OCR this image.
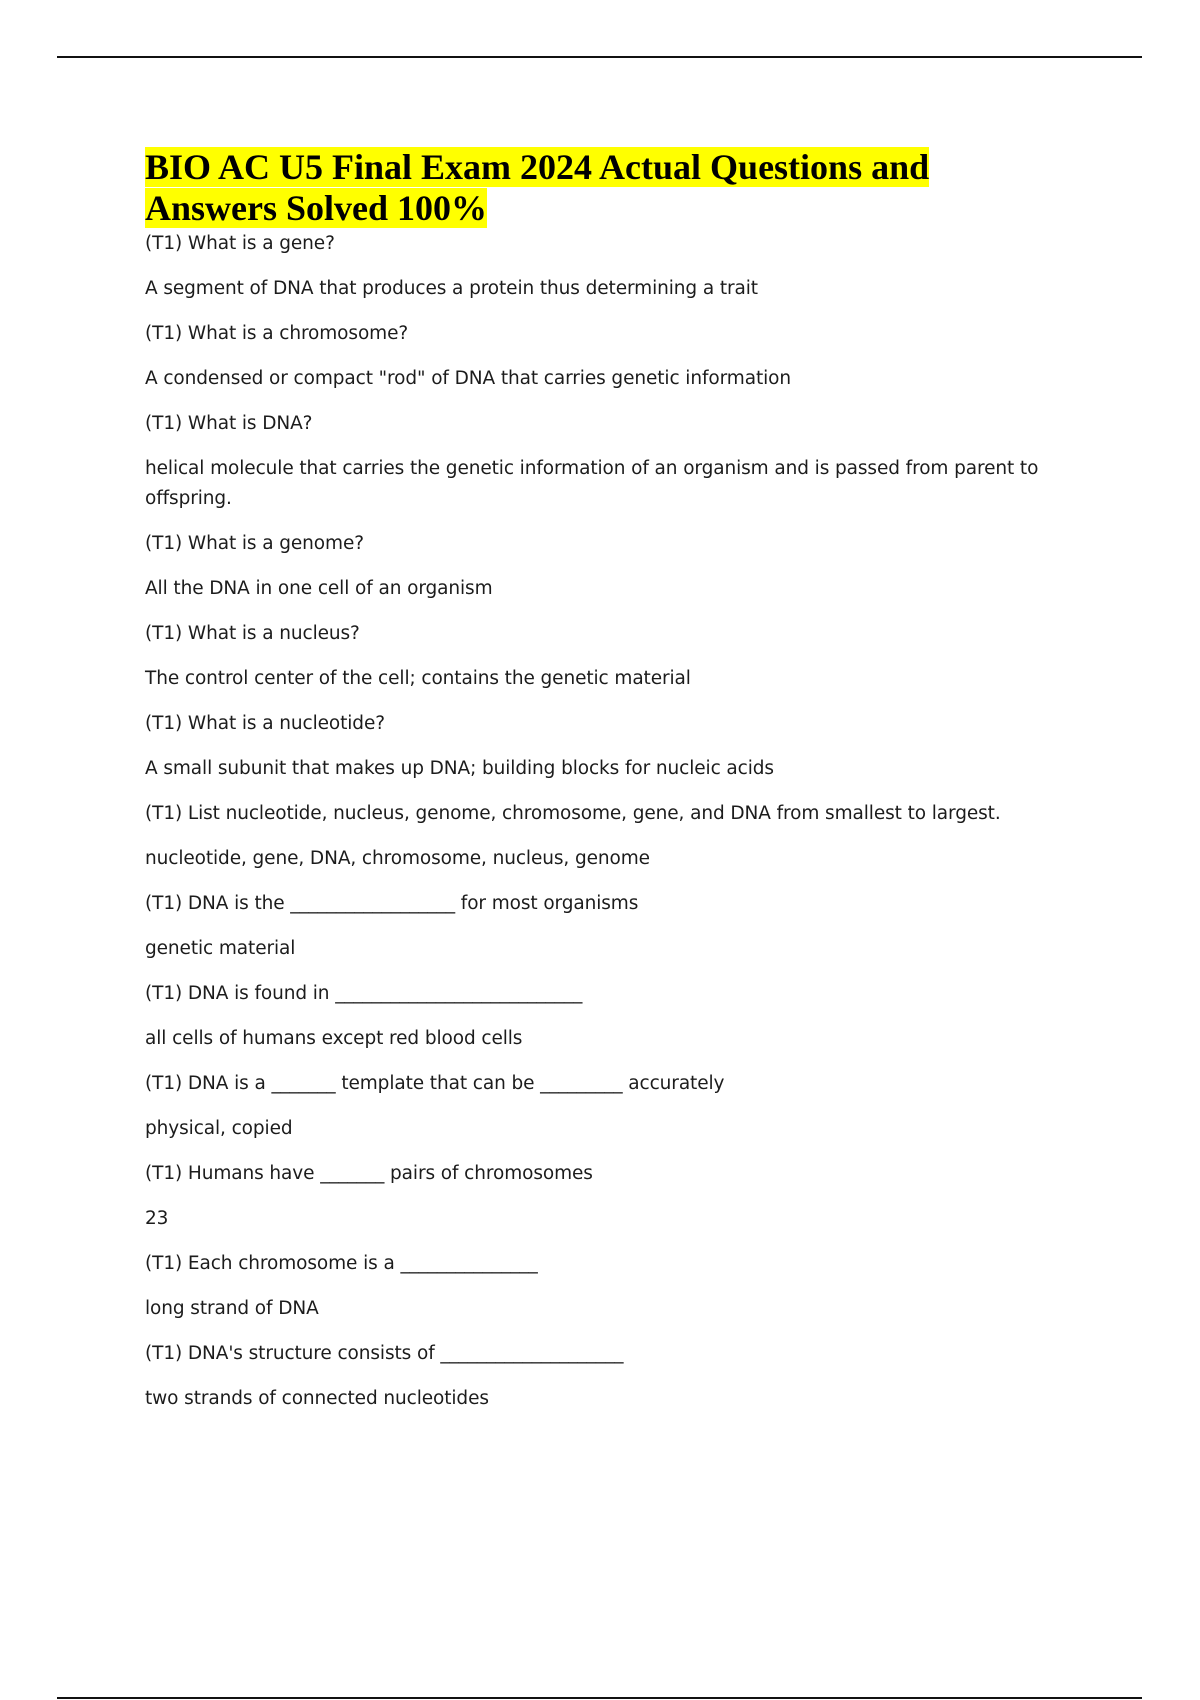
BIO AC U5 Final Exam 2024 Actual Questions and Answers Solved 100%

(T1) What is a gene?

A segment of DNA that produces a protein thus determining a trait

(T1) What is a chromosome?

A condensed or compact "rod" of DNA that carries genetic information

(T1) What is DNA?

helical molecule that carries the genetic information of an organism and is passed from parent to offspring.

(T1) What is a genome?

All the DNA in one cell of an organism

(T1) What is a nucleus?

The control center of the cell; contains the genetic material

(T1) What is a nucleotide?

A small subunit that makes up DNA; building blocks for nucleic acids

(T1) List nucleotide, nucleus, genome, chromosome, gene, and DNA from smallest to largest.

nucleotide, gene, DNA, chromosome, nucleus, genome

(T1) DNA is the __________________ for most organisms

genetic material

(T1) DNA is found in ___________________________

all cells of humans except red blood cells

(T1) DNA is a _______ template that can be _________ accurately

physical, copied

(T1) Humans have _______ pairs of chromosomes

23

(T1) Each chromosome is a _______________

long strand of DNA

(T1) DNA's structure consists of ____________________

two strands of connected nucleotides
